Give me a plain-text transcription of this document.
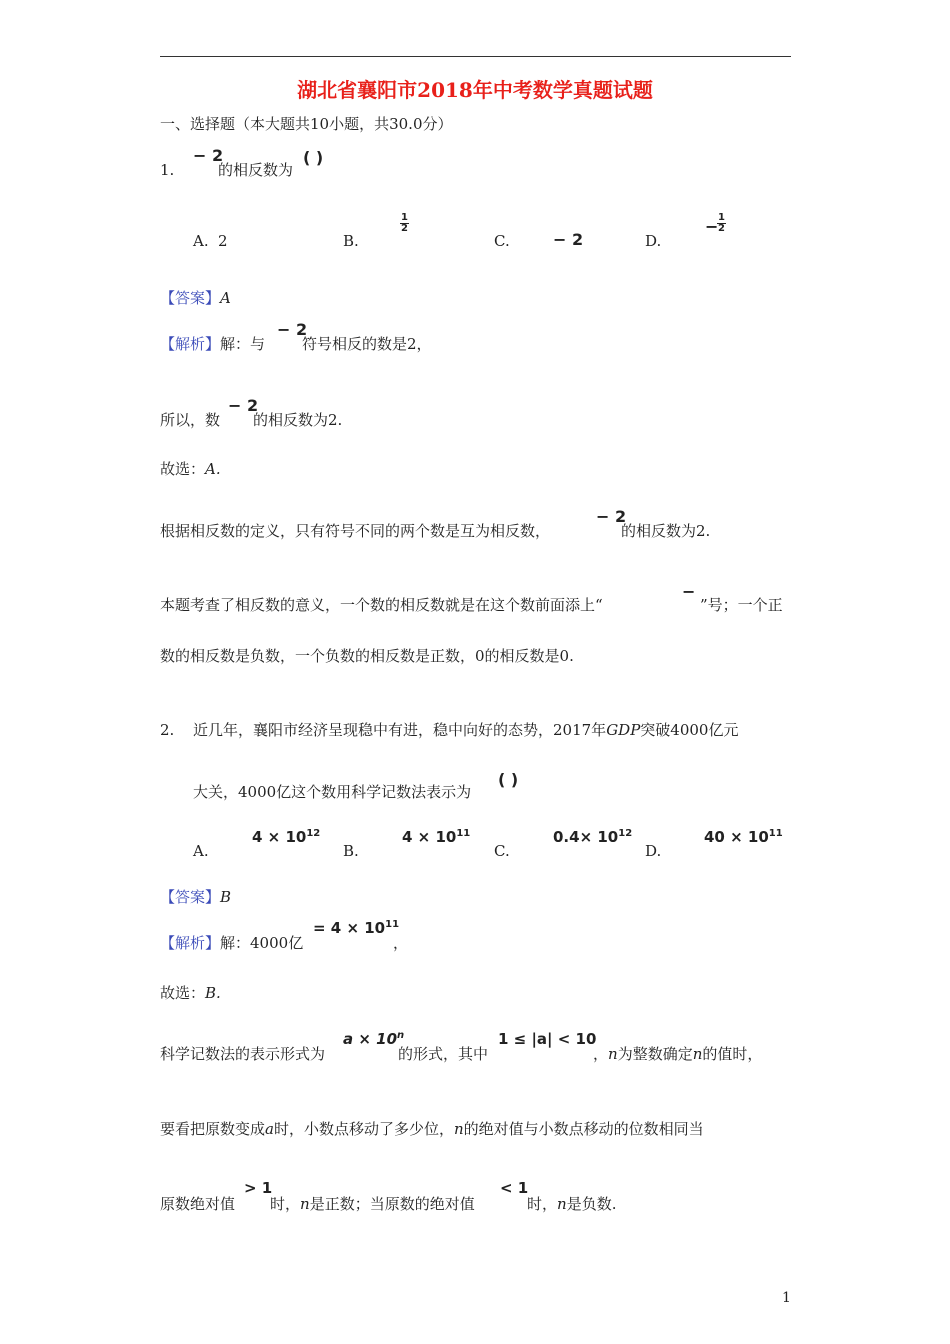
湖北省襄阳市2018年中考数学真题试题
一、选择题（本大题共10小题，共30.0分）
1.
− 2
的相反数为
( )
A. 2	B.
$\frac{1}{2}$
C.	− 2	D.
−
$\frac{1}{2}$
【答案】A
【解析】解：与
− 2
符号相反的数是2，
所以，数
− 2
的相反数为2.
故选：A.
根据相反数的定义，只有符号不同的两个数是互为相反数，
− 2
的相反数为2.
本题考查了相反数的意义，一个数的相反数就是在这个数前面添上“
−
”号；一个正
数的相反数是负数，一个负数的相反数是正数，0的相反数是0.
2. 近几年，襄阳市经济呈现稳中有进，稳中向好的态势，2017年GDP突破4000亿元
大关，4000亿这个数用科学记数法表示为
( )
A.
$4 \times 10^{12}$
B.
$4 \times 10^{11}$
C.
$0.4\times 10^{12}$
D.
$40 \times 10^{11}$
【答案】B
【解析】解：4000亿
= $4 \times 10^{11}$
，
故选：B.
科学记数法的表示形式为
$a \times 10^n$
的形式，其中
1 ≤ |a| < 10
，n为整数确定n的值时，
要看把原数变成a时，小数点移动了多少位，n的绝对值与小数点移动的位数相同当
原数绝对值
> 1
时，n是正数；当原数的绝对值
< 1
时，n是负数.
1
